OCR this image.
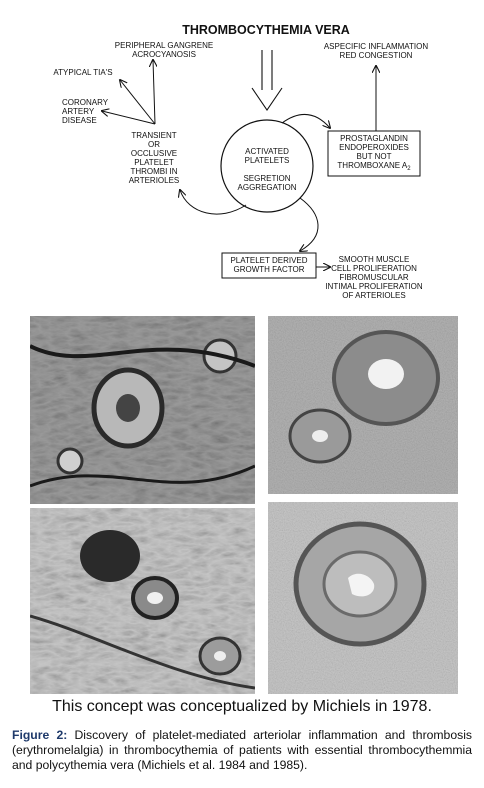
THROMBOCYTHEMIA VERA
ACTIVATED PLATELETS SEGRETION AGGREGATION
PROSTAGLANDIN ENDOPEROXIDES BUT NOT THROMBOXANE $A_2$
PLATELET DERIVED GROWTH FACTOR
PERIPHERAL GANGRENE ACROCYANOSIS
ATYPICAL TIA'S
CORONARY ARTERY DISEASE
TRANSIENT OR OCCLUSIVE PLATELET THROMBI IN ARTERIOLES
ASPECIFIC INFLAMMATION RED CONGESTION
SMOOTH MUSCLE CELL PROLIFERATION FIBROMUSCULAR INTIMAL PROLIFERATION OF ARTERIOLES
This concept was conceptualized by Michiels in 1978.
Figure 2: Discovery of platelet-mediated arteriolar inflammation and thrombosis (erythromelalgia) in thrombocythemia of patients with essential thrombocythemmia and polycythemia vera (Michiels et al. 1984 and 1985).
